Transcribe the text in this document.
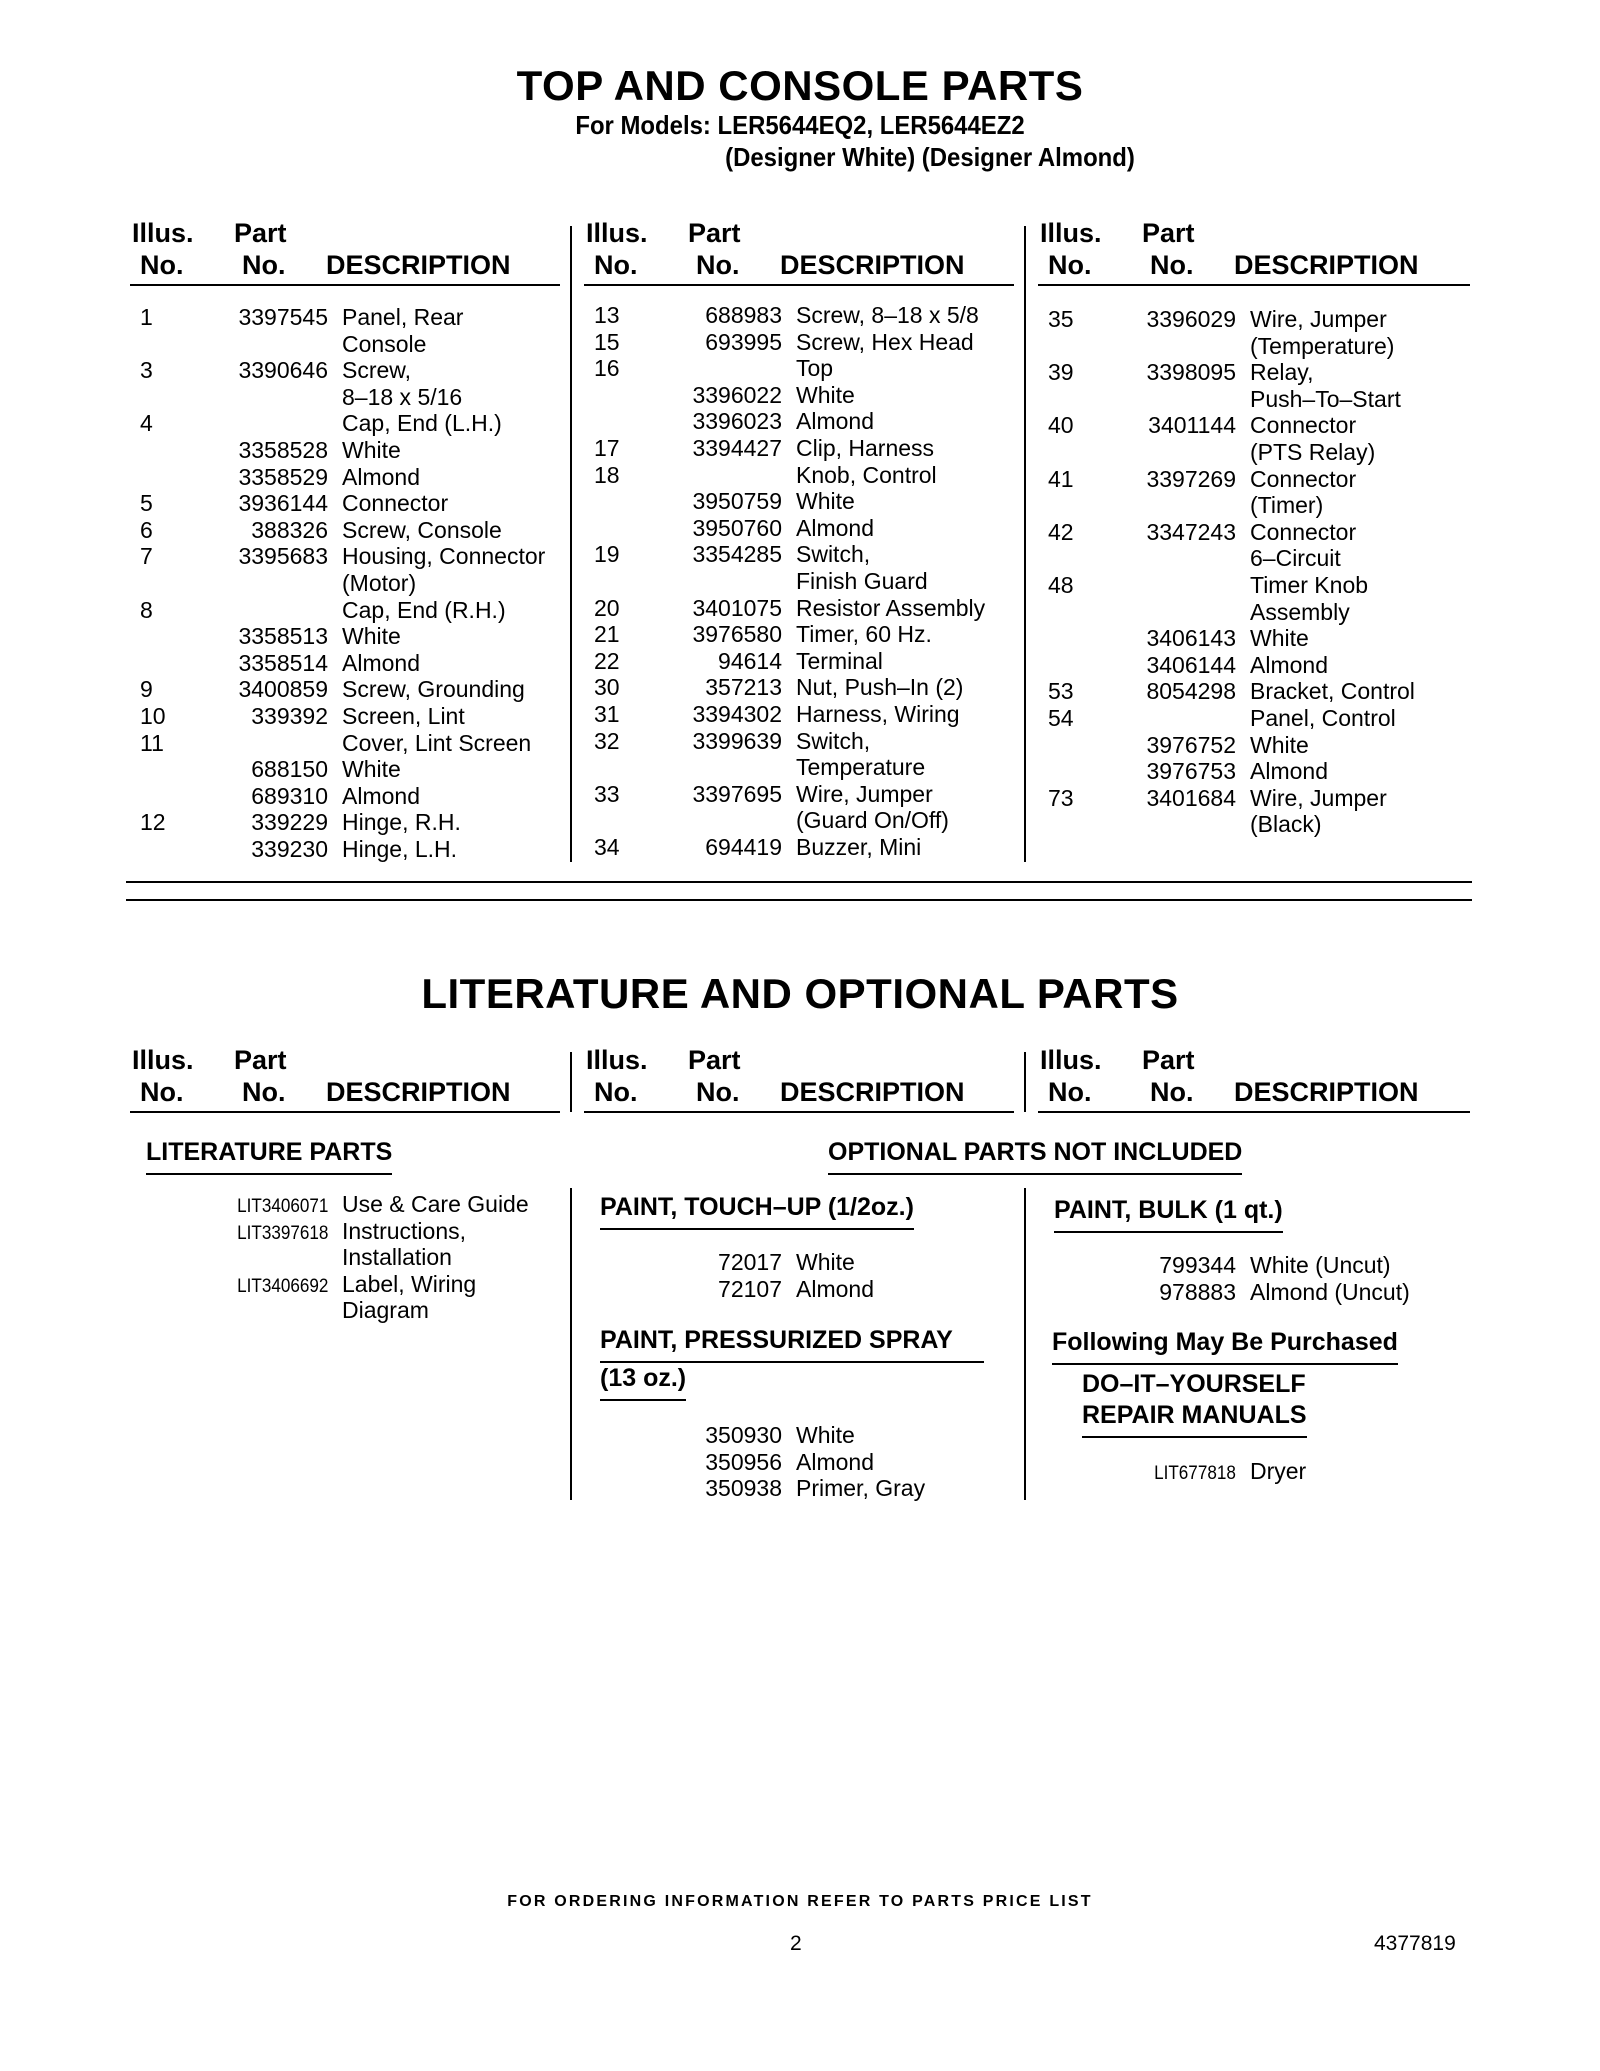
TOP AND CONSOLE PARTS
For Models: LER5644EQ2, LER5644EZ2
(Designer White) (Designer Almond)
Illus.
No.
Part
No. DESCRIPTION
Illus.
No.
Part
No. DESCRIPTION
Illus.
No.
Part
No. DESCRIPTION
1	3397545 Panel, Rear
Console
3	3390646 Screw,
8–18 x 5/16
4	Cap, End (L.H.)
3358528 White
3358529 Almond
5	3936144 Connector
6	388326 Screw, Console
7	3395683 Housing, Connector
(Motor)
8	Cap, End (R.H.)
3358513 White
3358514 Almond
9	3400859 Screw, Grounding
10	339392 Screen, Lint
11	Cover, Lint Screen
688150 White
689310 Almond
12	339229 Hinge, R.H.
339230 Hinge, L.H.
13	688983 Screw, 8–18 x 5/8
15	693995 Screw, Hex Head
16	Top
3396022 White
3396023 Almond
17	3394427 Clip, Harness
18	Knob, Control
3950759 White
3950760 Almond
19	3354285 Switch,
Finish Guard
20	3401075 Resistor Assembly
21	3976580 Timer, 60 Hz.
22	94614 Terminal
30	357213 Nut, Push–In (2)
31	3394302 Harness, Wiring
32	3399639 Switch,
Temperature
33	3397695 Wire, Jumper
(Guard On/Off)
34	694419 Buzzer, Mini
35	3396029 Wire, Jumper
(Temperature)
39	3398095 Relay,
Push–To–Start
40	3401144 Connector
(PTS Relay)
41	3397269 Connector
(Timer)
42	3347243 Connector
6–Circuit
48	Timer Knob
Assembly
3406143 White
3406144 Almond
53	8054298 Bracket, Control
54	Panel, Control
3976752 White
3976753 Almond
73	3401684 Wire, Jumper
(Black)
LITERATURE AND OPTIONAL PARTS
Illus.
No.
Part
No. DESCRIPTION
Illus.
No.
Part
No. DESCRIPTION
Illus.
No.
Part
No. DESCRIPTION
LITERATURE PARTS
LIT3406071 Use & Care Guide
LIT3397618 Instructions,
Installation
LIT3406692 Label, Wiring
Diagram
OPTIONAL PARTS NOT INCLUDED
PAINT, TOUCH–UP (1/2oz.)
72017 White
72107 Almond
PAINT, PRESSURIZED SPRAY
(13 oz.)
350930 White
350956 Almond
350938 Primer, Gray
PAINT, BULK (1 qt.)
799344 White (Uncut)
978883 Almond (Uncut)
Following May Be Purchased
DO–IT–YOURSELF
REPAIR MANUALS
LIT677818 Dryer
FOR ORDERING INFORMATION REFER TO PARTS PRICE LIST
2	4377819
